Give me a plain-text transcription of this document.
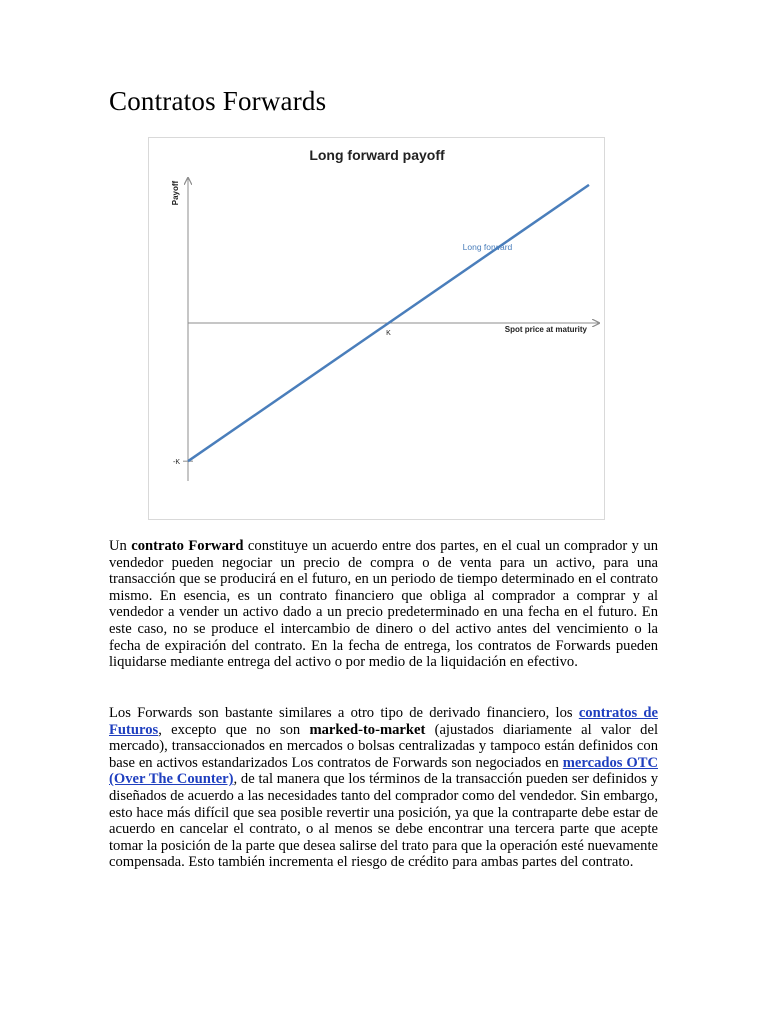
Contratos Forwards
Long forward payoff
Payoff
Spot price at maturity
K
-K
Long forward

Un contrato Forward constituye un acuerdo entre dos partes, en el cual un comprador y un vendedor pueden negociar un precio de compra o de venta para un activo, para una transacción que se producirá en el futuro, en un periodo de tiempo determinado en el contrato mismo. En esencia, es un contrato financiero que obliga al comprador a comprar y al vendedor a vender un activo dado a un precio predeterminado en una fecha en el futuro. En este caso, no se produce el intercambio de dinero o del activo antes del vencimiento o la fecha de expiración del contrato. En la fecha de entrega, los contratos de Forwards pueden liquidarse mediante entrega del activo o por medio de la liquidación en efectivo.

Los Forwards son bastante similares a otro tipo de derivado financiero, los contratos de Futuros, excepto que no son marked-to-market (ajustados diariamente al valor del mercado), transaccionados en mercados o bolsas centralizadas y tampoco están definidos con base en activos estandarizados Los contratos de Forwards son negociados en mercados OTC (Over The Counter), de tal manera que los términos de la transacción pueden ser definidos y diseñados de acuerdo a las necesidades tanto del comprador como del vendedor. Sin embargo, esto hace más difícil que sea posible revertir una posición, ya que la contraparte debe estar de acuerdo en cancelar el contrato, o al menos se debe encontrar una tercera parte que acepte tomar la posición de la parte que desea salirse del trato para que la operación esté nuevamente compensada. Esto también incrementa el riesgo de crédito para ambas partes del contrato.
